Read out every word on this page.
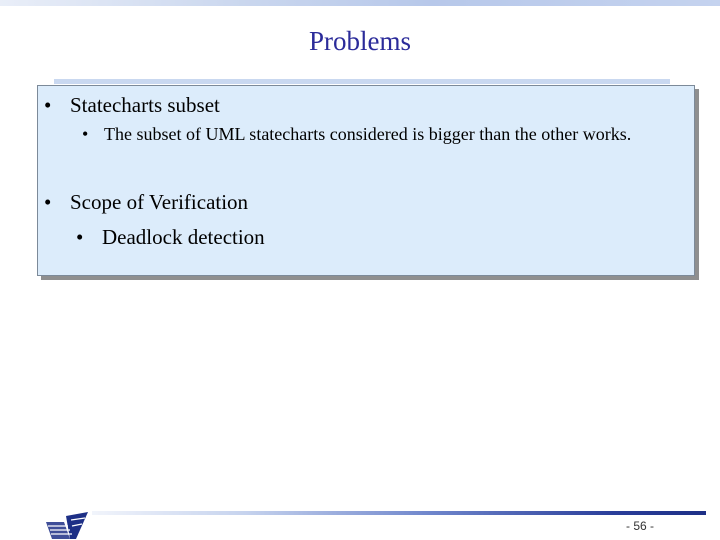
Problems
• Statecharts subset
• The subset of UML statecharts considered is bigger than the other works.
• Scope of Verification
• Deadlock detection
- 56 -
